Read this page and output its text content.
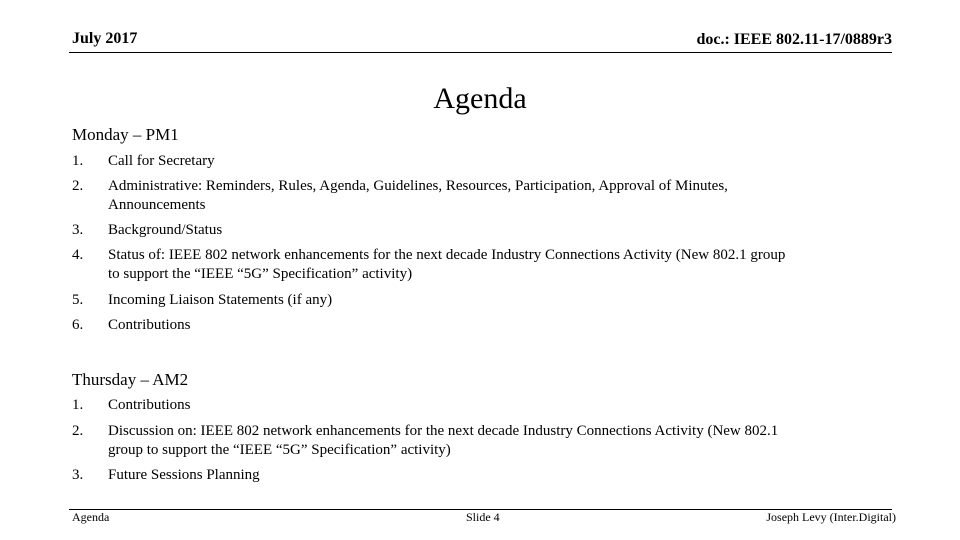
July 2017	doc.: IEEE 802.11-17/0889r3
Agenda
Monday – PM1
1. Call for Secretary
2. Administrative: Reminders, Rules, Agenda, Guidelines, Resources, Participation, Approval of Minutes,
Announcements
3. Background/Status
4. Status of: IEEE 802 network enhancements for the next decade Industry Connections Activity (New 802.1 group
to support the “IEEE “5G” Specification” activity)
5. Incoming Liaison Statements (if any)
6. Contributions
Thursday – AM2
1. Contributions
2. Discussion on: IEEE 802 network enhancements for the next decade Industry Connections Activity (New 802.1
group to support the “IEEE “5G” Specification” activity)
3. Future Sessions Planning
Agenda	Slide 4	Joseph Levy (Inter.Digital)
